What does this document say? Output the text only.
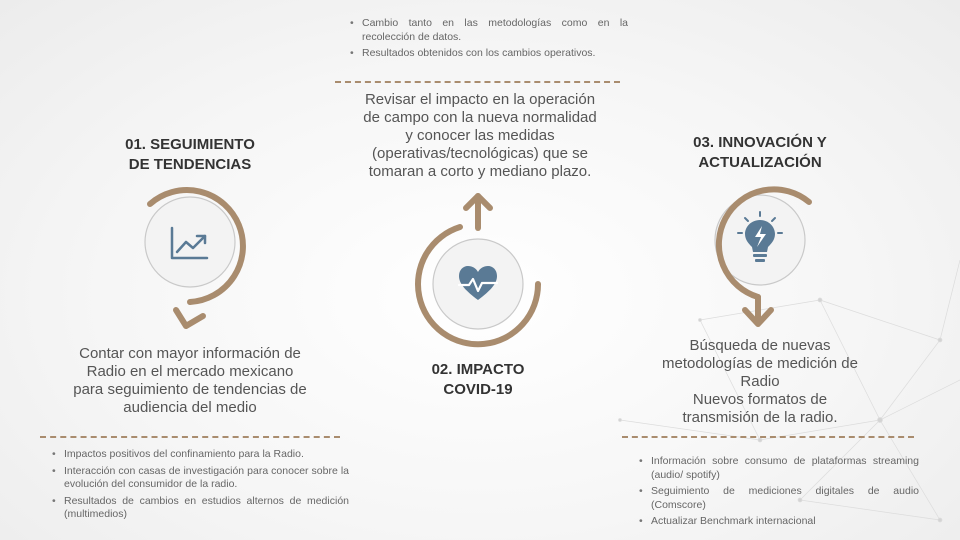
01. SEGUIMIENTO
DE TENDENCIAS
Contar con mayor información de
Radio en el mercado mexicano
para seguimiento de tendencias de
audiencia del medio
• Impactos positivos del confinamiento para la Radio.
• Interacción con casas de investigación para conocer sobre la evolución del consumidor de la radio.
• Resultados de cambios en estudios alternos de medición (multimedios)
• Cambio tanto en las metodologías como en la recolección de datos.
• Resultados obtenidos con los cambios operativos.
Revisar el impacto en la operación
de campo con la nueva normalidad
y conocer las medidas
(operativas/tecnológicas) que se
tomaran a corto y mediano plazo.
02. IMPACTO
COVID-19
03. INNOVACIÓN Y
ACTUALIZACIÓN
Búsqueda de nuevas
metodologías de medición de
Radio
Nuevos formatos de
transmisión de la radio.
• Información sobre consumo de plataformas streaming (audio/ spotify)
• Seguimiento de mediciones digitales de audio (Comscore)
• Actualizar Benchmark internacional
